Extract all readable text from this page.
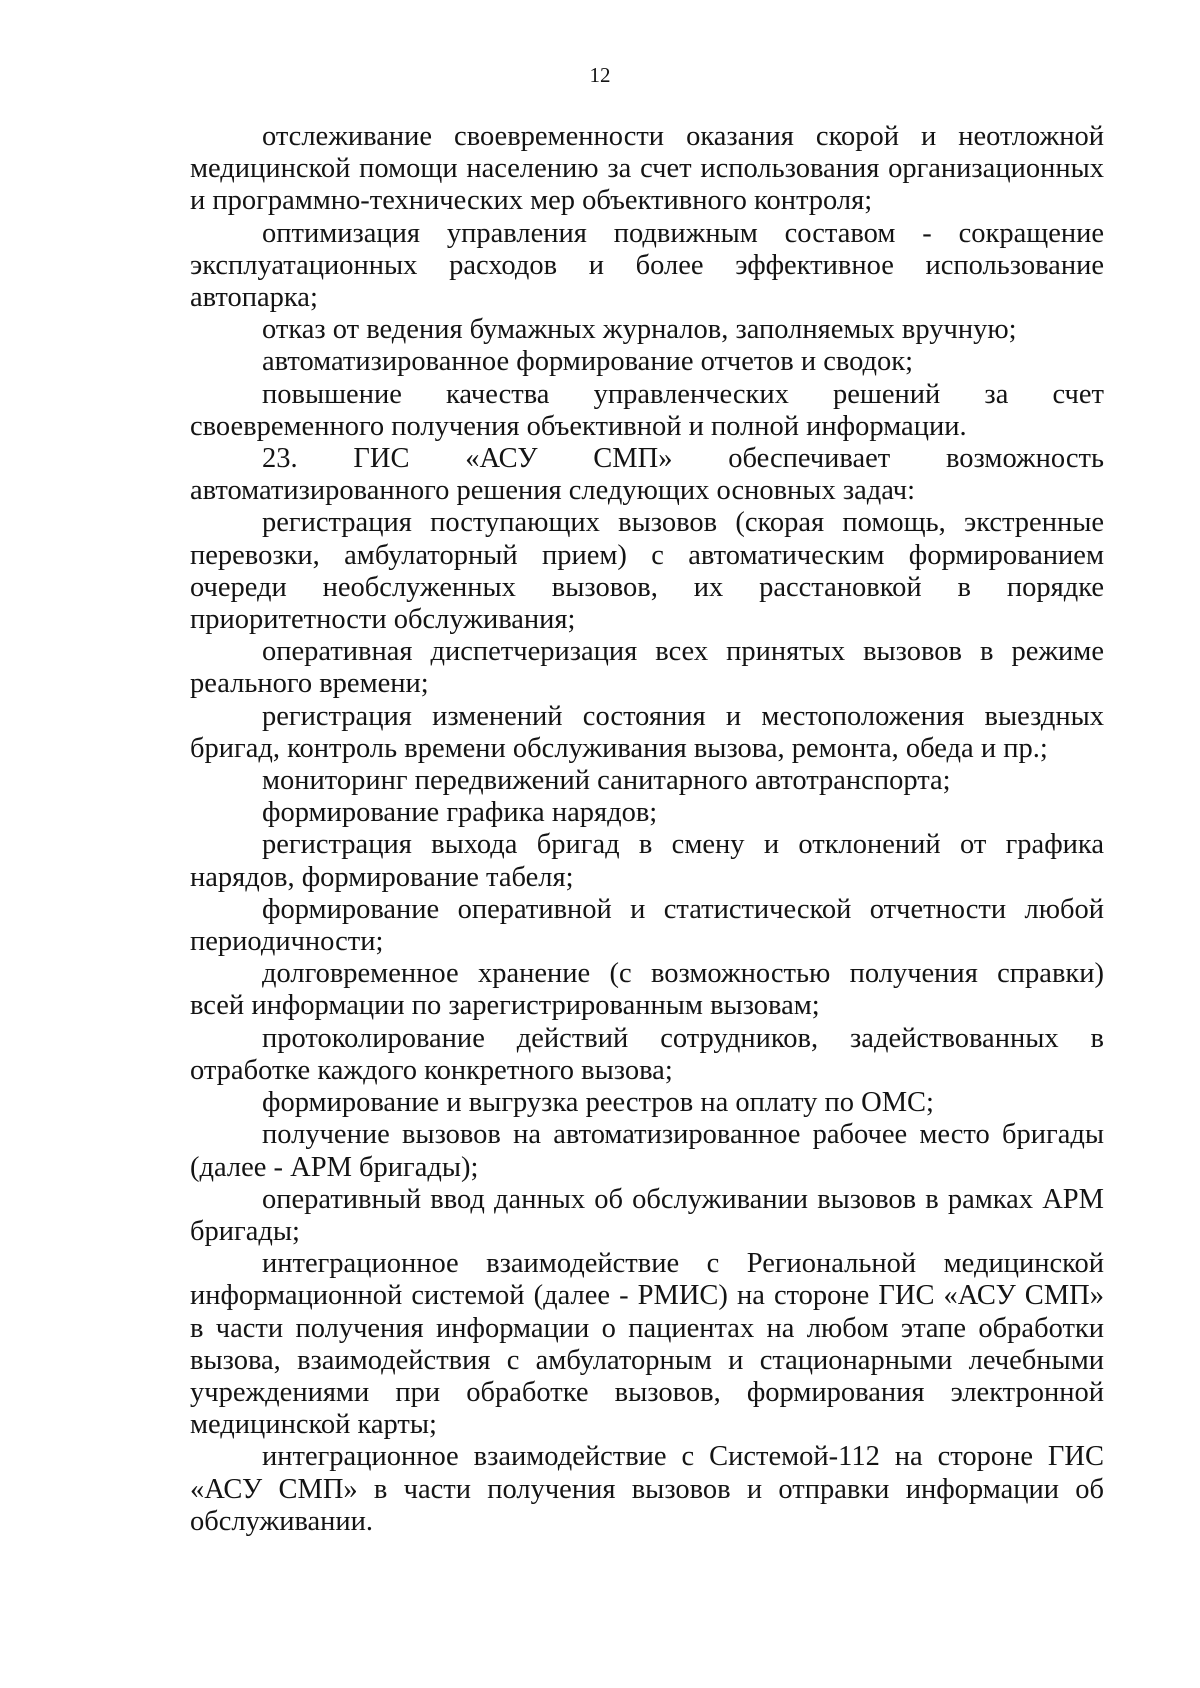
12

отслеживание своевременности оказания скорой и неотложной медицинской помощи населению за счет использования организационных и программно-технических мер объективного контроля;

оптимизация управления подвижным составом - сокращение эксплуатационных расходов и более эффективное использование автопарка;

отказ от ведения бумажных журналов, заполняемых вручную;

автоматизированное формирование отчетов и сводок;

повышение качества управленческих решений за счет своевременного получения объективной и полной информации.

23. ГИС «АСУ СМП» обеспечивает возможность автоматизированного решения следующих основных задач:

регистрация поступающих вызовов (скорая помощь, экстренные перевозки, амбулаторный прием) с автоматическим формированием очереди необслуженных вызовов, их расстановкой в порядке приоритетности обслуживания;

оперативная диспетчеризация всех принятых вызовов в режиме реального времени;

регистрация изменений состояния и местоположения выездных бригад, контроль времени обслуживания вызова, ремонта, обеда и пр.;

мониторинг передвижений санитарного автотранспорта;

формирование графика нарядов;

регистрация выхода бригад в смену и отклонений от графика нарядов, формирование табеля;

формирование оперативной и статистической отчетности любой периодичности;

долговременное хранение (с возможностью получения справки) всей информации по зарегистрированным вызовам;

протоколирование действий сотрудников, задействованных в отработке каждого конкретного вызова;

формирование и выгрузка реестров на оплату по ОМС;

получение вызовов на автоматизированное рабочее место бригады (далее - АРМ бригады);

оперативный ввод данных об обслуживании вызовов в рамках АРМ бригады;

интеграционное взаимодействие с Региональной медицинской информационной системой (далее - РМИС) на стороне ГИС «АСУ СМП» в части получения информации о пациентах на любом этапе обработки вызова, взаимодействия с амбулаторным и стационарными лечебными учреждениями при обработке вызовов, формирования электронной медицинской карты;

интеграционное взаимодействие с Системой-112 на стороне ГИС «АСУ СМП» в части получения вызовов и отправки информации об обслуживании.
